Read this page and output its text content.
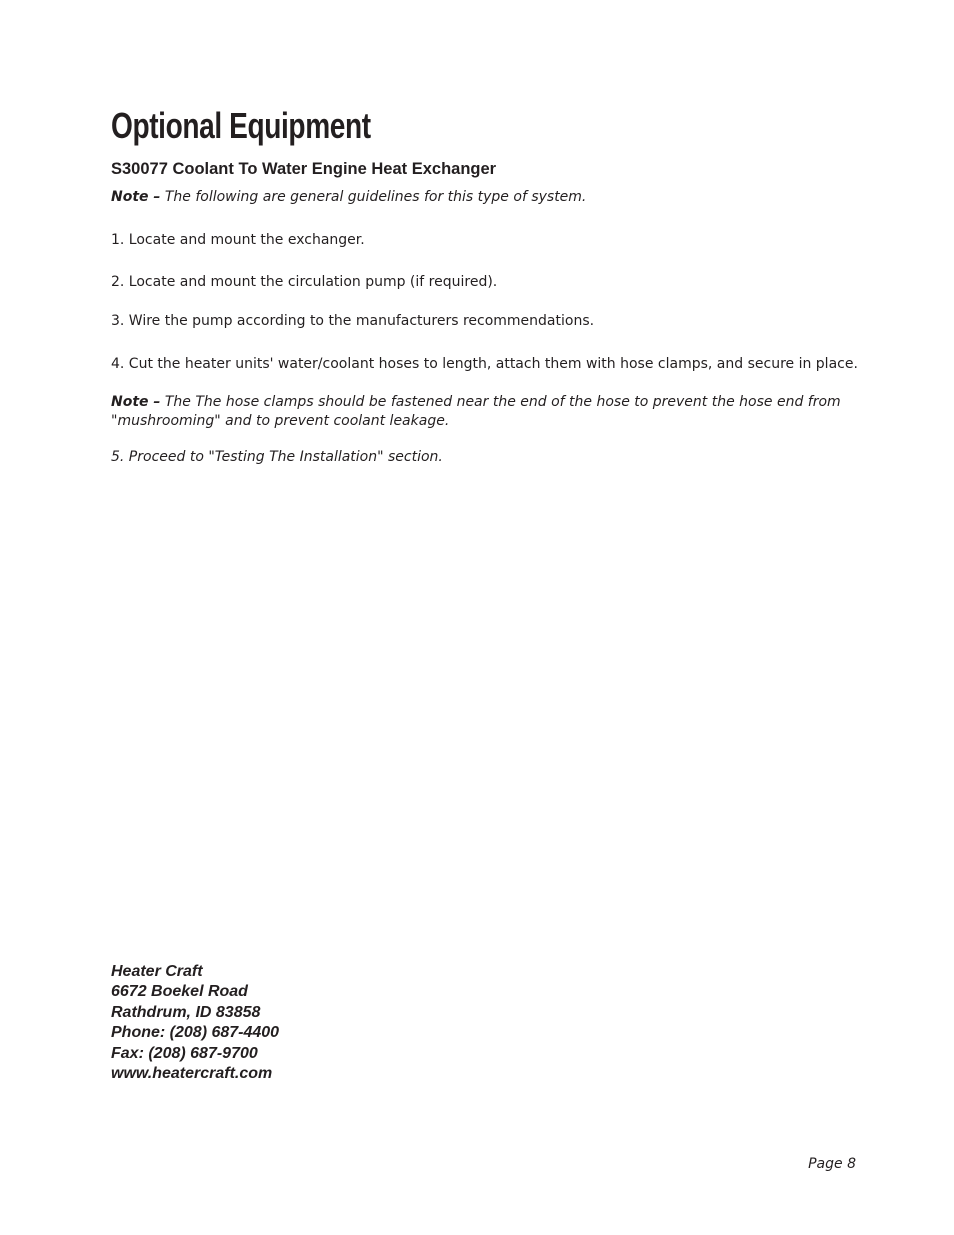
Optional Equipment
S30077 Coolant To Water Engine Heat Exchanger
Note – The following are general guidelines for this type of system.
1. Locate and mount the exchanger.
2. Locate and mount the circulation pump (if required).
3. Wire the pump according to the manufacturers recommendations.
4. Cut the heater units' water/coolant hoses to length, attach them with hose clamps, and secure in place.
Note – The The hose clamps should be fastened near the end of the hose to prevent the hose end from "mushrooming" and to prevent coolant leakage.
5. Proceed to "Testing The Installation" section.
Heater Craft
6672 Boekel Road
Rathdrum, ID 83858
Phone: (208) 687-4400
Fax: (208) 687-9700
www.heatercraft.com
Page 8
